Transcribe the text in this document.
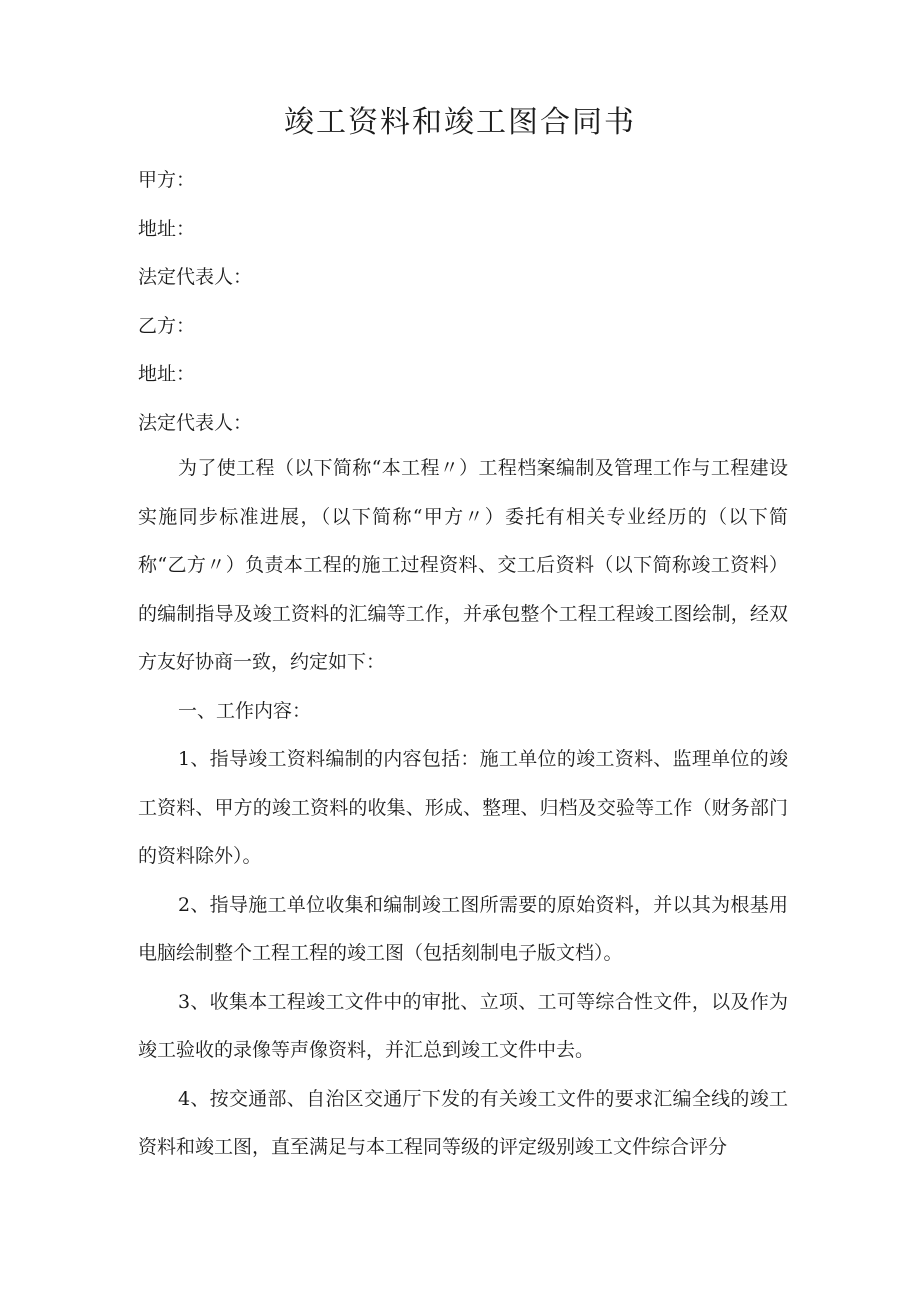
竣工资料和竣工图合同书
甲方：
地址：
法定代表人：
乙方：
地址：
法定代表人：

为了使工程（以下简称“本工程〃）工程档案编制及管理工作与工程建设实施同步标准进展，（以下简称“甲方〃）委托有相关专业经历的（以下简称“乙方〃）负责本工程的施工过程资料、交工后资料（以下简称竣工资料）的编制指导及竣工资料的汇编等工作，并承包整个工程工程竣工图绘制，经双方友好协商一致，约定如下：

一、工作内容：

1、指导竣工资料编制的内容包括：施工单位的竣工资料、监理单位的竣工资料、甲方的竣工资料的收集、形成、整理、归档及交验等工作（财务部门的资料除外）。

2、指导施工单位收集和编制竣工图所需要的原始资料，并以其为根基用电脑绘制整个工程工程的竣工图（包括刻制电子版文档）。

3、收集本工程竣工文件中的审批、立项、工可等综合性文件，以及作为竣工验收的录像等声像资料，并汇总到竣工文件中去。

4、按交通部、自治区交通厅下发的有关竣工文件的要求汇编全线的竣工资料和竣工图，直至满足与本工程同等级的评定级别竣工文件综合评分
